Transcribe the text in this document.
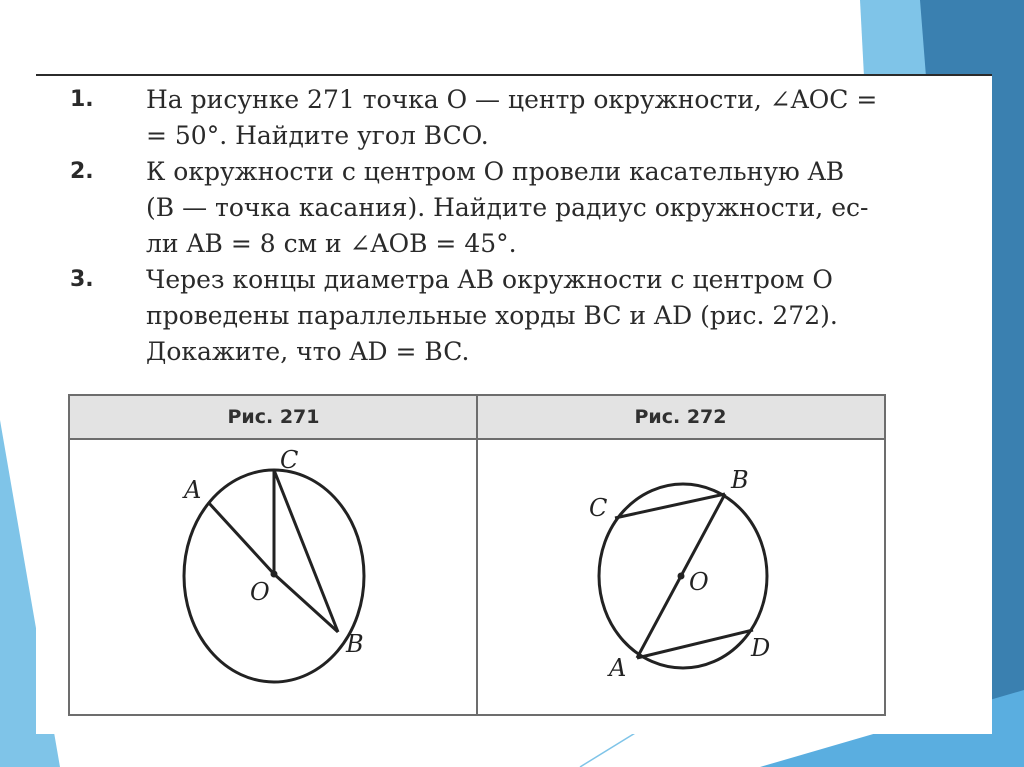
1. На рисунке 271 точка O — центр окружности, ∠AOC =
= 50°. Найдите угол BCO.
2. К окружности с центром O провели касательную AB
(B — точка касания). Найдите радиус окружности, ес-
ли AB = 8 см и ∠AOB = 45°.
3. Через концы диаметра AB окружности с центром O
проведены параллельные хорды BC и AD (рис. 272).
Докажите, что AD = BC.
Рис. 271	Рис. 272
A
C
O
B
O
C
B
A
D
